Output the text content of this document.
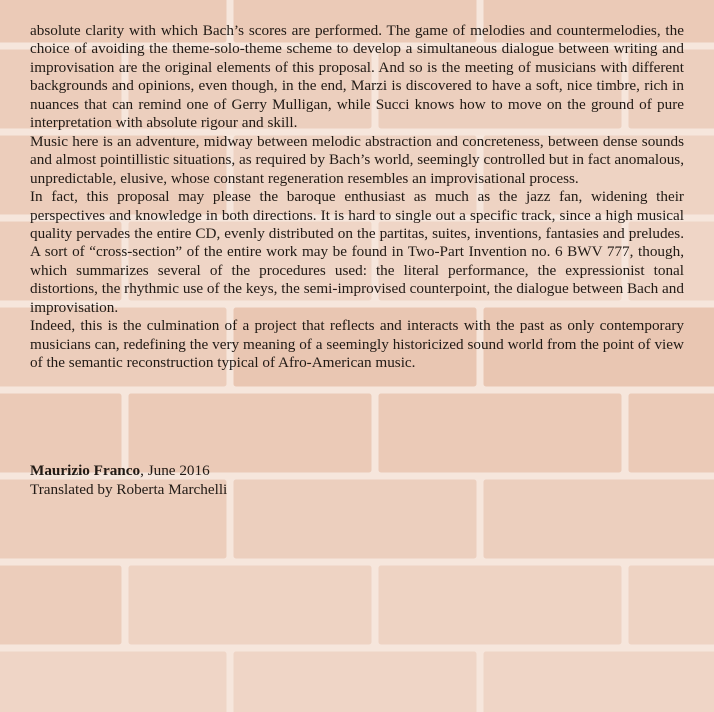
absolute clarity with which Bach’s scores are performed. The game of melodies and countermelodies, the choice of avoiding the theme-solo-theme scheme to develop a simultaneous dialogue between writing and improvisation are the original elements of this proposal. And so is the meeting of musicians with different backgrounds and opinions, even though, in the end, Marzi is discovered to have a soft, nice timbre, rich in nuances that can remind one of Gerry Mulligan, while Succi knows how to move on the ground of pure interpretation with absolute rigour and skill.

Music here is an adventure, midway between melodic abstraction and concreteness, between dense sounds and almost pointillistic situations, as required by Bach’s world, seemingly controlled but in fact anomalous, unpredictable, elusive, whose constant regeneration resembles an improvisational process.

In fact, this proposal may please the baroque enthusiast as much as the jazz fan, widening their perspectives and knowledge in both directions. It is hard to single out a specific track, since a high musical quality pervades the entire CD, evenly distributed on the partitas, suites, inventions, fantasies and preludes. A sort of “cross-section” of the entire work may be found in Two-Part Invention no. 6 BWV 777, though, which summarizes several of the procedures used: the literal performance, the expressionist tonal distortions, the rhythmic use of the keys, the semi-improvised counterpoint, the dialogue between Bach and improvisation.

Indeed, this is the culmination of a project that reflects and interacts with the past as only contemporary musicians can, redefining the very meaning of a seemingly historicized sound world from the point of view of the semantic reconstruction typical of Afro-American music.

Maurizio Franco, June 2016
Translated by Roberta Marchelli
